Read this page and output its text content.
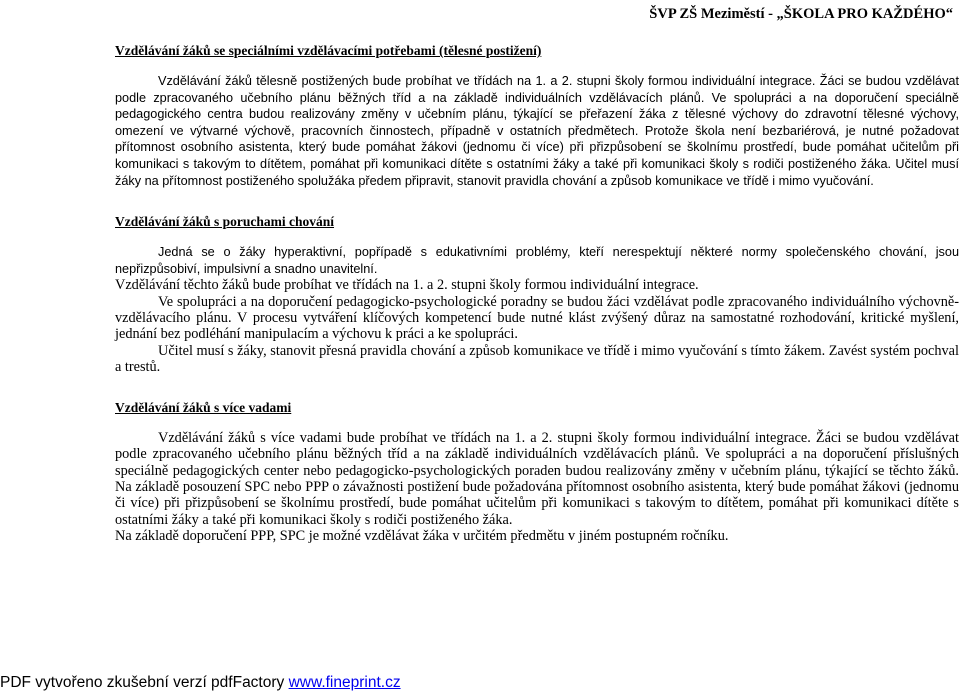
ŠVP ZŠ Meziměstí - „ŠKOLA PRO KAŽDÉHO“
Vzdělávání žáků se speciálními vzdělávacími potřebami (tělesné postižení)

Vzdělávání žáků tělesně postižených bude probíhat ve třídách na 1. a 2. stupni školy formou individuální integrace. Žáci se budou vzdělávat podle zpracovaného učebního plánu běžných tříd a na základě individuálních vzdělávacích plánů. Ve spolupráci a na doporučení speciálně pedagogického centra budou realizovány změny v učebním plánu, týkající se přeřazení žáka z tělesné výchovy do zdravotní tělesné výchovy, omezení ve výtvarné výchově, pracovních činnostech, případně v ostatních předmětech. Protože škola není bezbariérová, je nutné požadovat přítomnost osobního asistenta, který bude pomáhat žákovi (jednomu či více) při přizpůsobení se školnímu prostředí, bude pomáhat učitelům při komunikaci s takovým to dítětem, pomáhat při komunikaci dítěte s ostatními žáky a také při komunikaci školy s rodiči postiženého žáka. Učitel musí žáky na přítomnost postiženého spolužáka předem připravit, stanovit pravidla chování a způsob komunikace ve třídě i mimo vyučování.

Vzdělávání žáků s poruchami chování

Jedná se o žáky hyperaktivní, popřípadě s edukativními problémy, kteří nerespektují některé normy společenského chování, jsou nepřizpůsobiví, impulsivní a snadno unavitelní.

Vzdělávání těchto žáků bude probíhat ve třídách na 1. a 2. stupni školy formou individuální integrace.

Ve spolupráci a na doporučení pedagogicko-psychologické poradny se budou žáci vzdělávat podle zpracovaného individuálního výchovně-vzdělávacího plánu. V procesu vytváření klíčových kompetencí bude nutné klást zvýšený důraz na samostatné rozhodování, kritické myšlení, jednání bez podléhání manipulacím a výchovu k práci a ke spolupráci.

Učitel musí s žáky, stanovit přesná pravidla chování a způsob komunikace ve třídě i mimo vyučování s tímto žákem. Zavést systém pochval a trestů.

Vzdělávání žáků s více vadami

Vzdělávání žáků s více vadami bude probíhat ve třídách na 1. a 2. stupni školy formou individuální integrace. Žáci se budou vzdělávat podle zpracovaného učebního plánu běžných tříd a na základě individuálních vzdělávacích plánů. Ve spolupráci a na doporučení příslušných speciálně pedagogických center nebo pedagogicko-psychologických poraden budou realizovány změny v učebním plánu, týkající se těchto žáků. Na základě posouzení SPC nebo PPP o závažnosti postižení bude požadována přítomnost osobního asistenta, který bude pomáhat žákovi (jednomu či více) při přizpůsobení se školnímu prostředí, bude pomáhat učitelům při komunikaci s takovým to dítětem, pomáhat při komunikaci dítěte s ostatními žáky a také při komunikaci školy s rodiči postiženého žáka.

Na základě doporučení PPP, SPC je možné vzdělávat žáka v určitém předmětu v jiném postupném ročníku.

PDF vytvořeno zkušební verzí pdfFactory www.fineprint.cz
